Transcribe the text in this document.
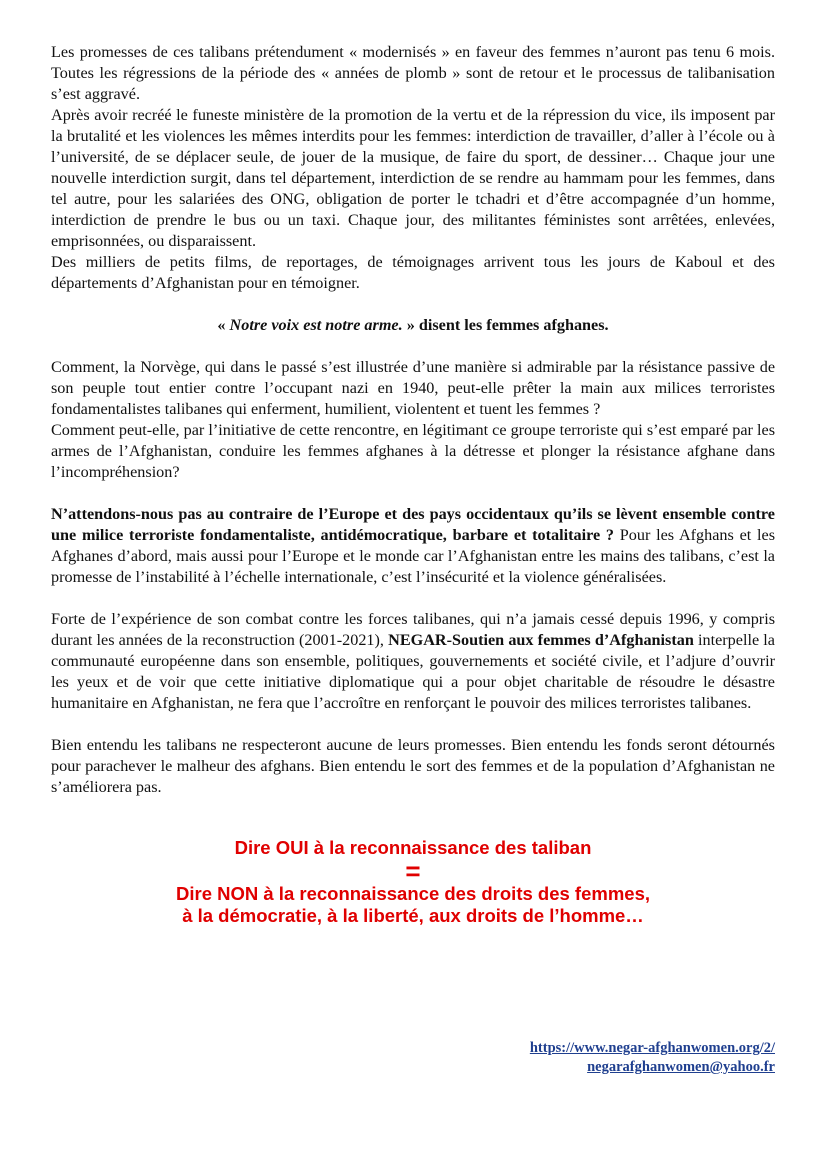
Les promesses de ces talibans prétendument « modernisés » en faveur des femmes n’auront pas tenu 6 mois. Toutes les régressions de la période des « années de plomb » sont de retour et le processus de talibanisation s’est aggravé.

Après avoir recréé le funeste ministère de la promotion de la vertu et de la répression du vice, ils imposent par la brutalité et les violences les mêmes interdits pour les femmes: interdiction de travailler, d’aller à l’école ou à l’université, de se déplacer seule, de jouer de la musique, de faire du sport, de dessiner… Chaque jour une nouvelle interdiction surgit, dans tel département, interdiction de se rendre au hammam pour les femmes, dans tel autre, pour les salariées des ONG, obligation de porter le tchadri et d’être accompagnée d’un homme, interdiction de prendre le bus ou un taxi. Chaque jour, des militantes féministes sont arrêtées, enlevées, emprisonnées, ou disparaissent.

Des milliers de petits films, de reportages, de témoignages arrivent tous les jours de Kaboul et des départements d’Afghanistan pour en témoigner.

« Notre voix est notre arme. » disent les femmes afghanes.

Comment, la Norvège, qui dans le passé s’est illustrée d’une manière si admirable par la résistance passive de son peuple tout entier contre l’occupant nazi en 1940, peut-elle prêter la main aux milices terroristes fondamentalistes talibanes qui enferment, humilient, violentent et tuent les femmes ?

Comment peut-elle, par l’initiative de cette rencontre, en légitimant ce groupe terroriste qui s’est emparé par les armes de l’Afghanistan, conduire les femmes afghanes à la détresse et plonger la résistance afghane dans l’incompréhension?

N’attendons-nous pas au contraire de l’Europe et des pays occidentaux qu’ils se lèvent ensemble contre une milice terroriste fondamentaliste, antidémocratique, barbare et totalitaire ? Pour les Afghans et les Afghanes d’abord, mais aussi pour l’Europe et le monde car l’Afghanistan entre les mains des talibans, c’est la promesse de l’instabilité à l’échelle internationale, c’est l’insécurité et la violence généralisées.

Forte de l’expérience de son combat contre les forces talibanes, qui n’a jamais cessé depuis 1996, y compris durant les années de la reconstruction (2001-2021), NEGAR-Soutien aux femmes d’Afghanistan interpelle la communauté européenne dans son ensemble, politiques, gouvernements et société civile, et l’adjure d’ouvrir les yeux et de voir que cette initiative diplomatique qui a pour objet charitable de résoudre le désastre humanitaire en Afghanistan, ne fera que l’accroître en renforçant le pouvoir des milices terroristes talibanes.

Bien entendu les talibans ne respecteront aucune de leurs promesses. Bien entendu les fonds seront détournés pour parachever le malheur des afghans. Bien entendu le sort des femmes et de la population d’Afghanistan ne s’améliorera pas.

Dire OUI à la reconnaissance des taliban
=
Dire NON à la reconnaissance des droits des femmes,
à la démocratie, à la liberté, aux droits de l’homme…
https://www.negar-afghanwomen.org/2/
negarafghanwomen@yahoo.fr
